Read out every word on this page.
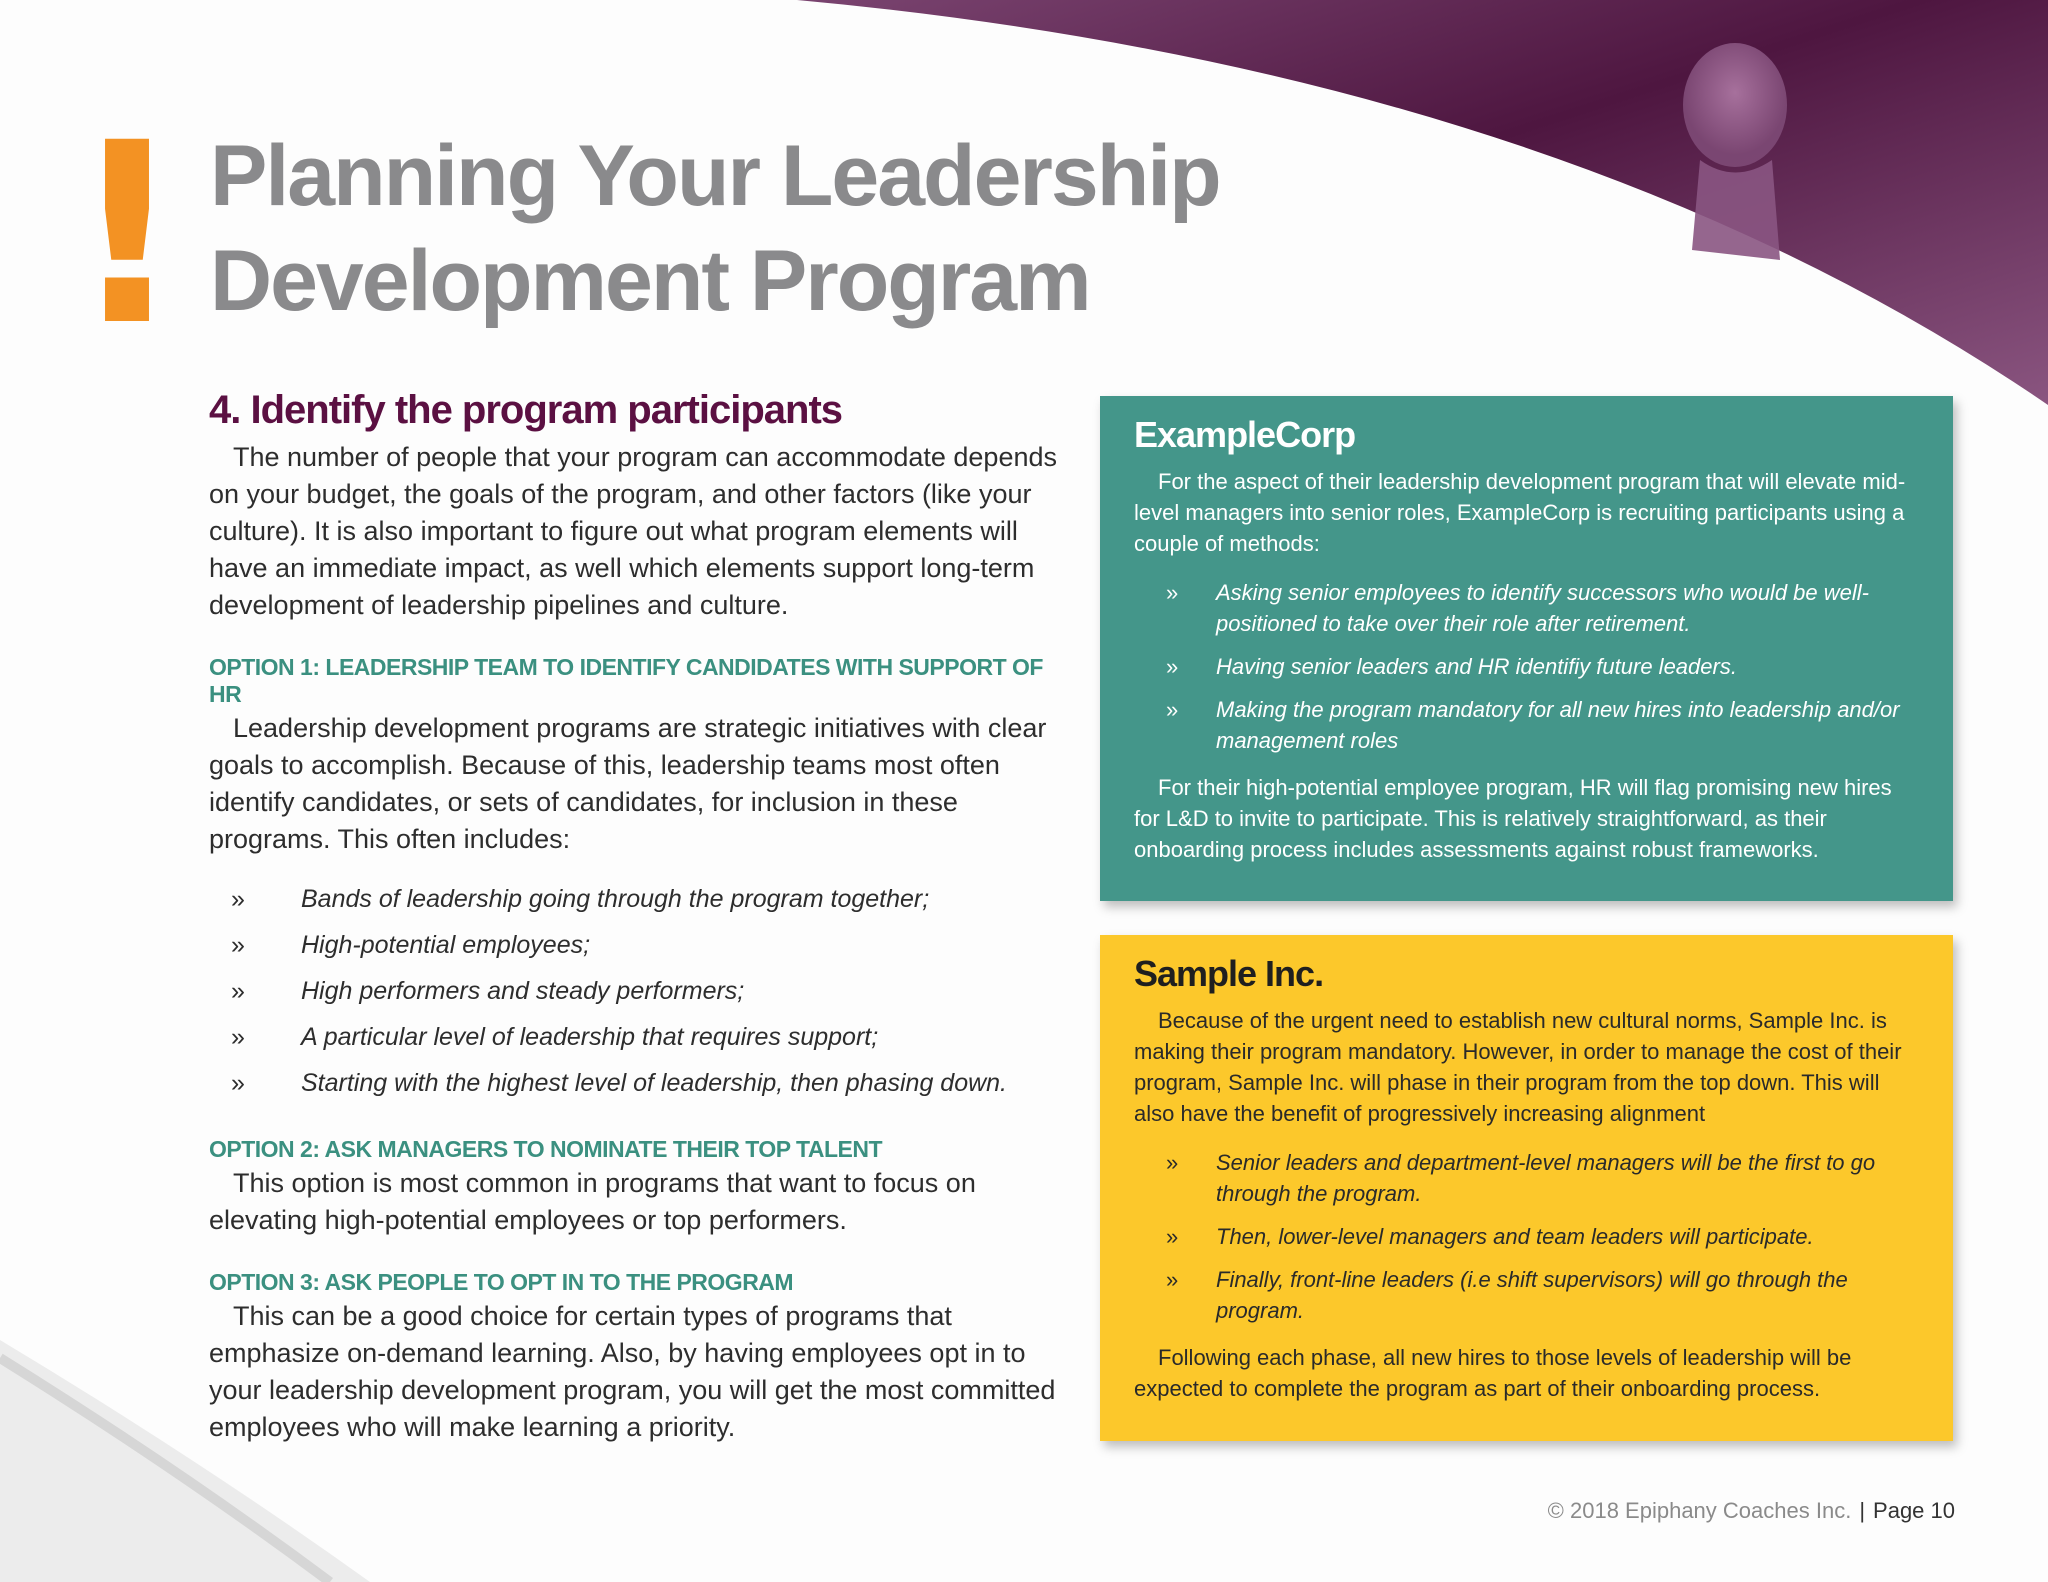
! Planning Your Leadership
Development Program
4. Identify the program participants

The number of people that your program can accommodate depends on your budget, the goals of the program, and other factors (like your culture). It is also important to figure out what program elements will have an immediate impact, as well which elements support long-term development of leadership pipelines and culture.

OPTION 1: LEADERSHIP TEAM TO IDENTIFY CANDIDATES WITH SUPPORT OF HR

Leadership development programs are strategic initiatives with clear goals to accomplish. Because of this, leadership teams most often identify candidates, or sets of candidates, for inclusion in these programs. This often includes:

»	Bands of leadership going through the program together;
»	High-potential employees;
»	High performers and steady performers;
»	A particular level of leadership that requires support;
»	Starting with the highest level of leadership, then phasing down.
OPTION 2: ASK MANAGERS TO NOMINATE THEIR TOP TALENT

This option is most common in programs that want to focus on elevating high-potential employees or top performers.

OPTION 3: ASK PEOPLE TO OPT IN TO THE PROGRAM

This can be a good choice for certain types of programs that emphasize on-demand learning. Also, by having employees opt in to your leadership development program, you will get the most committed employees who will make learning a priority.

ExampleCorp

For the aspect of their leadership development program that will elevate mid-level managers into senior roles, ExampleCorp is recruiting participants using a couple of methods:

»	Asking senior employees to identify successors who would be well-positioned to take over their role after retirement.
»	Having senior leaders and HR identifiy future leaders.
»	Making the program mandatory for all new hires into leadership and/or management roles

For their high-potential employee program, HR will flag promising new hires for L&D to invite to participate. This is relatively straightforward, as their onboarding process includes assessments against robust frameworks.

Sample Inc.

Because of the urgent need to establish new cultural norms, Sample Inc. is making their program mandatory. However, in order to manage the cost of their program, Sample Inc. will phase in their program from the top down. This will also have the benefit of progressively increasing alignment

»	Senior leaders and department-level managers will be the first to go through the program.
»	Then, lower-level managers and team leaders will participate.
»	Finally, front-line leaders (i.e shift supervisors) will go through the program.

Following each phase, all new hires to those levels of leadership will be expected to complete the program as part of their onboarding process.

© 2018 Epiphany Coaches Inc. | Page 10
